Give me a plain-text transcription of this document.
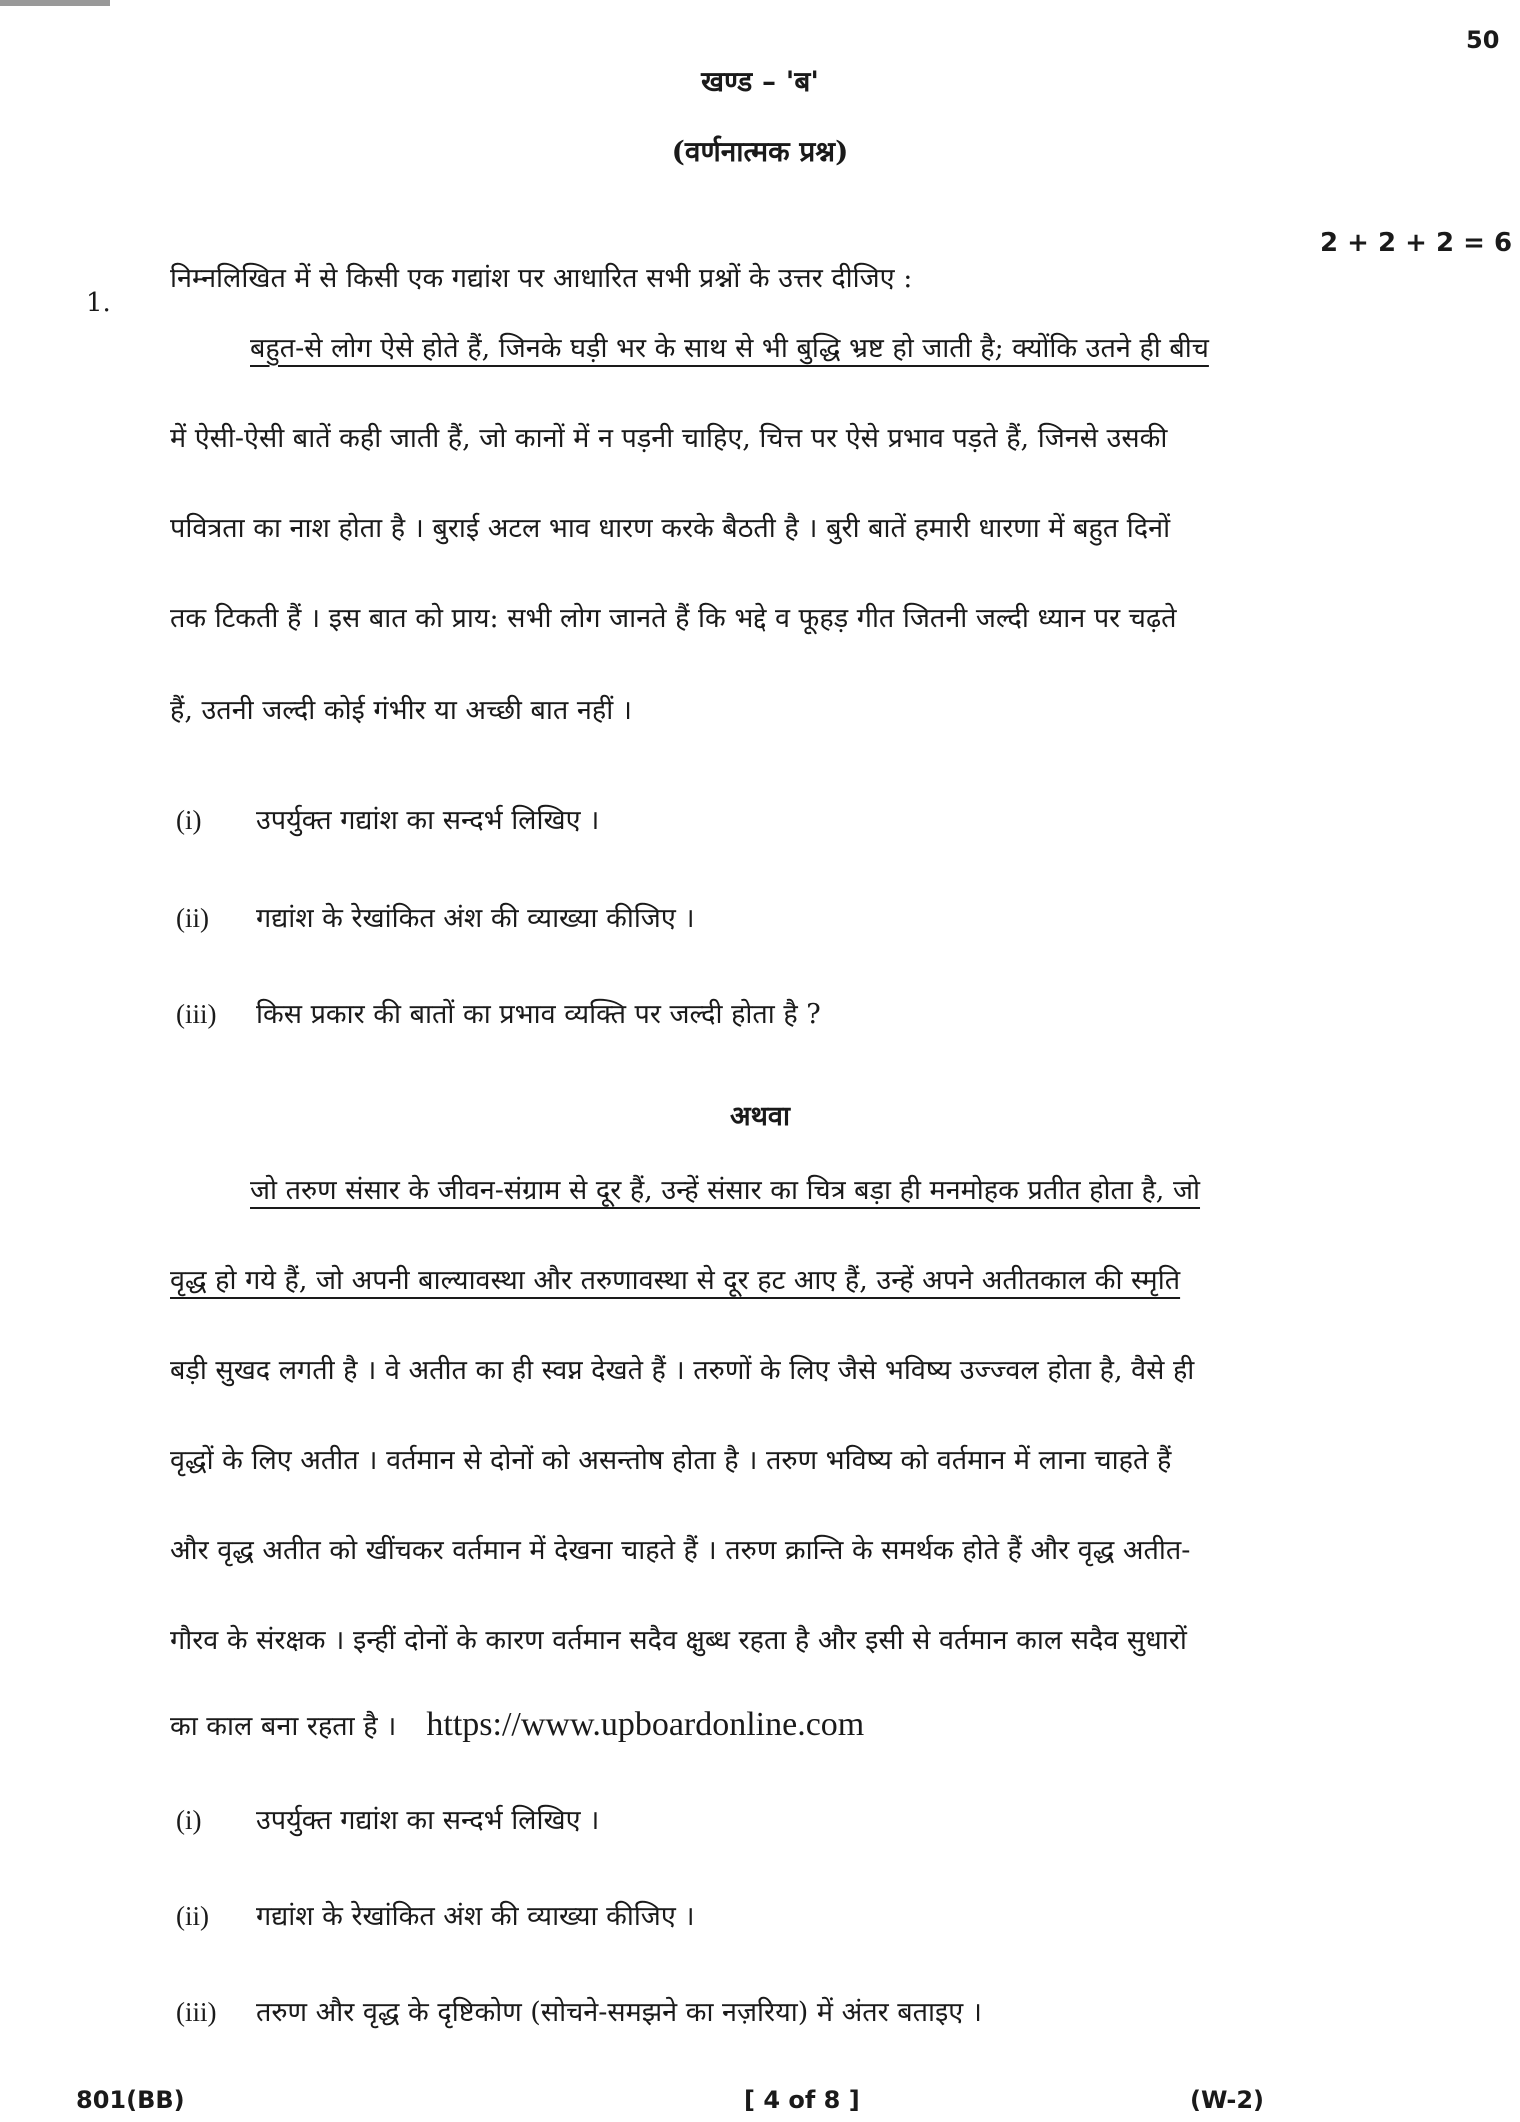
50
खण्ड – 'ब'
(वर्णनात्मक प्रश्न)
2 + 2 + 2 = 6
1.
निम्नलिखित में से किसी एक गद्यांश पर आधारित सभी प्रश्नों के उत्तर दीजिए :
बहुत-से लोग ऐसे होते हैं, जिनके घड़ी भर के साथ से भी बुद्धि भ्रष्ट हो जाती है; क्योंकि उतने ही बीच
में ऐसी-ऐसी बातें कही जाती हैं, जो कानों में न पड़नी चाहिए, चित्त पर ऐसे प्रभाव पड़ते हैं, जिनसे उसकी
पवित्रता का नाश होता है । बुराई अटल भाव धारण करके बैठती है । बुरी बातें हमारी धारणा में बहुत दिनों
तक टिकती हैं । इस बात को प्राय: सभी लोग जानते हैं कि भद्दे व फूहड़ गीत जितनी जल्दी ध्यान पर चढ़ते
हैं, उतनी जल्दी कोई गंभीर या अच्छी बात नहीं ।
(i) उपर्युक्त गद्यांश का सन्दर्भ लिखिए ।
(ii) गद्यांश के रेखांकित अंश की व्याख्या कीजिए ।
(iii) किस प्रकार की बातों का प्रभाव व्यक्ति पर जल्दी होता है ?
अथवा
जो तरुण संसार के जीवन-संग्राम से दूर हैं, उन्हें संसार का चित्र बड़ा ही मनमोहक प्रतीत होता है, जो
वृद्ध हो गये हैं, जो अपनी बाल्यावस्था और तरुणावस्था से दूर हट आए हैं, उन्हें अपने अतीतकाल की स्मृति
बड़ी सुखद लगती है । वे अतीत का ही स्वप्न देखते हैं । तरुणों के लिए जैसे भविष्य उज्ज्वल होता है, वैसे ही
वृद्धों के लिए अतीत । वर्तमान से दोनों को असन्तोष होता है । तरुण भविष्य को वर्तमान में लाना चाहते हैं
और वृद्ध अतीत को खींचकर वर्तमान में देखना चाहते हैं । तरुण क्रान्ति के समर्थक होते हैं और वृद्ध अतीत-
गौरव के संरक्षक । इन्हीं दोनों के कारण वर्तमान सदैव क्षुब्ध रहता है और इसी से वर्तमान काल सदैव सुधारों
का काल बना रहता है । https://www.upboardonline.com
(i) उपर्युक्त गद्यांश का सन्दर्भ लिखिए ।
(ii) गद्यांश के रेखांकित अंश की व्याख्या कीजिए ।
(iii) तरुण और वृद्ध के दृष्टिकोण (सोचने-समझने का नज़रिया) में अंतर बताइए ।
801(BB)	[ 4 of 8 ]	(W-2)
